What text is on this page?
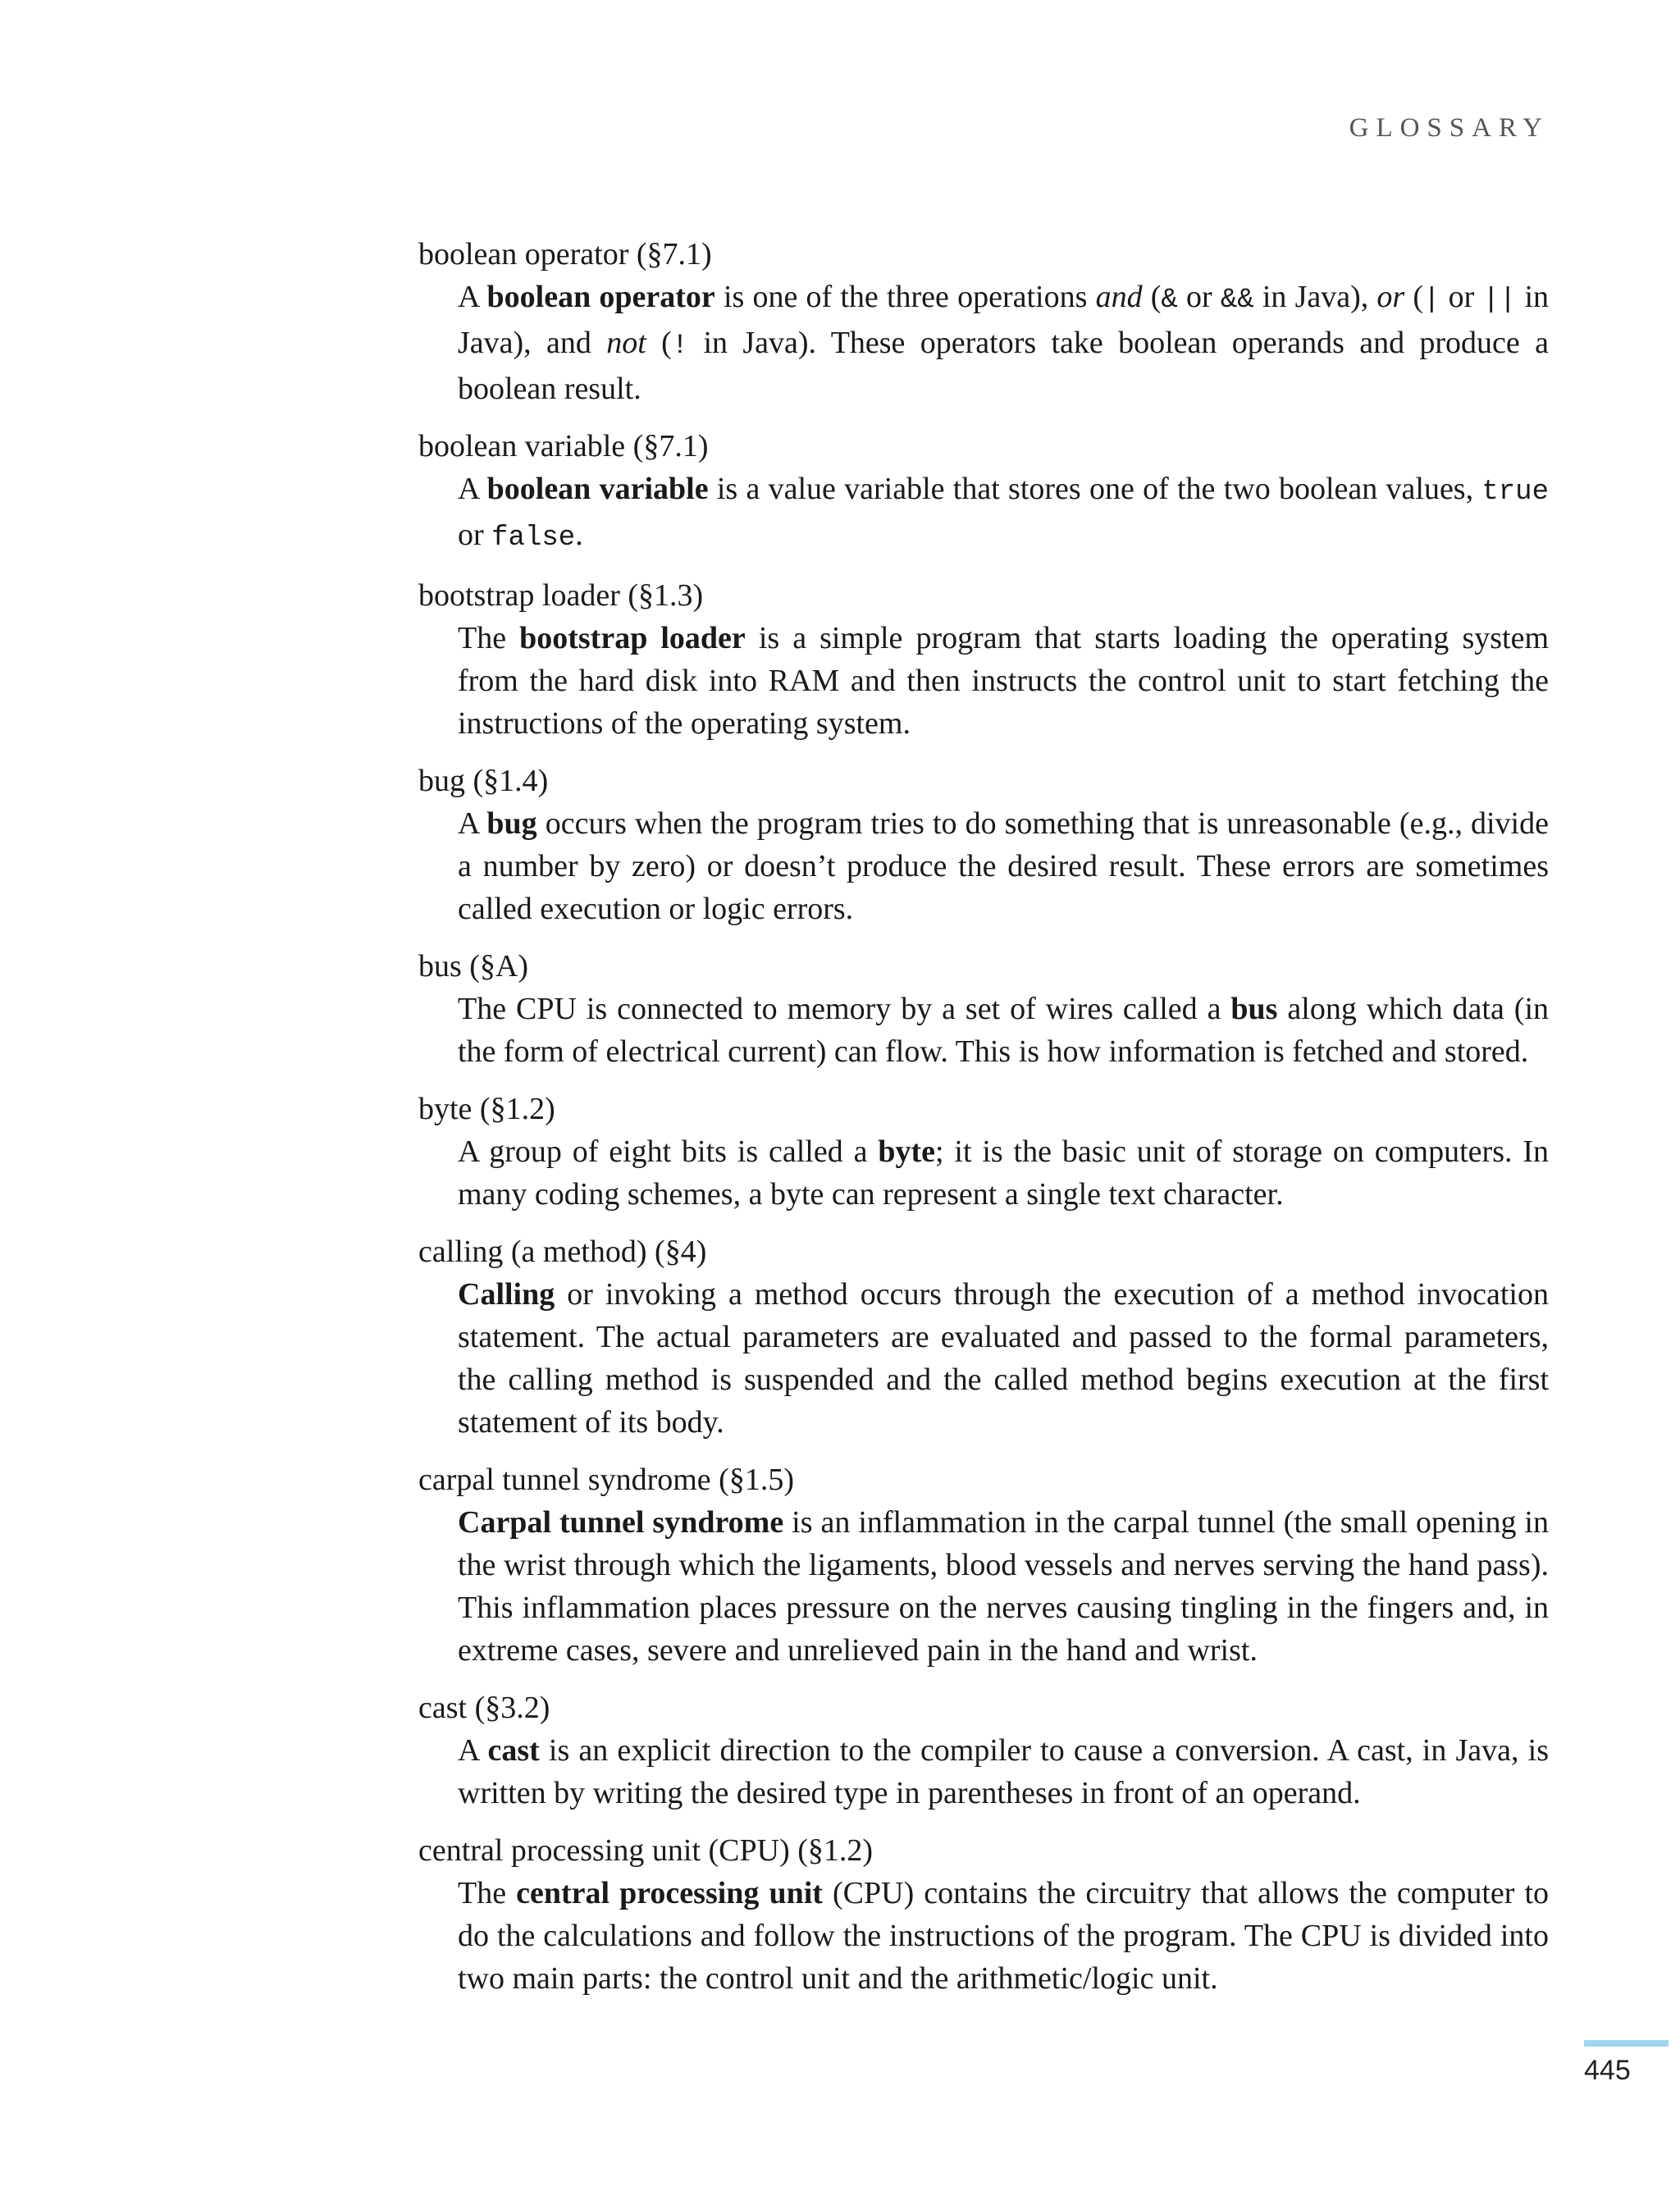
GLOSSARY
boolean operator (§7.1)
A boolean operator is one of the three operations and (& or && in Java), or (| or || in Java), and not (! in Java). These operators take boolean operands and produce a boolean result.
boolean variable (§7.1)
A boolean variable is a value variable that stores one of the two boolean values, true or false.
bootstrap loader (§1.3)
The bootstrap loader is a simple program that starts loading the operating system from the hard disk into RAM and then instructs the control unit to start fetching the instructions of the operating system.
bug (§1.4)
A bug occurs when the program tries to do something that is unreasonable (e.g., divide a number by zero) or doesn’t produce the desired result. These errors are sometimes called execution or logic errors.
bus (§A)
The CPU is connected to memory by a set of wires called a bus along which data (in the form of electrical current) can flow. This is how information is fetched and stored.
byte (§1.2)
A group of eight bits is called a byte; it is the basic unit of storage on computers. In many coding schemes, a byte can represent a single text character.
calling (a method) (§4)
Calling or invoking a method occurs through the execution of a method invocation statement. The actual parameters are evaluated and passed to the formal parameters, the calling method is suspended and the called method begins execution at the first statement of its body.
carpal tunnel syndrome (§1.5)
Carpal tunnel syndrome is an inflammation in the carpal tunnel (the small opening in the wrist through which the ligaments, blood vessels and nerves serving the hand pass). This inflammation places pressure on the nerves causing tingling in the fingers and, in extreme cases, severe and unrelieved pain in the hand and wrist.
cast (§3.2)
A cast is an explicit direction to the compiler to cause a conversion. A cast, in Java, is written by writing the desired type in parentheses in front of an operand.
central processing unit (CPU) (§1.2)
The central processing unit (CPU) contains the circuitry that allows the computer to do the calculations and follow the instructions of the program. The CPU is divided into two main parts: the control unit and the arithmetic/logic unit.
445
